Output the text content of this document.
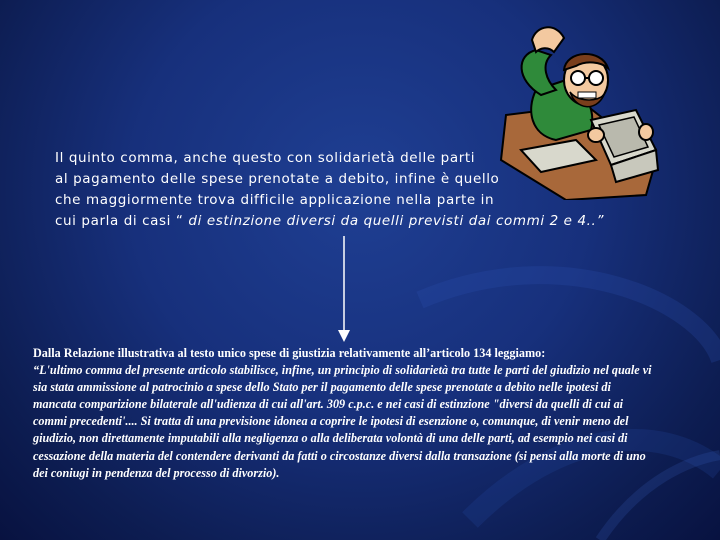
Il quinto comma, anche questo con solidarietà delle parti
al pagamento delle spese prenotate a debito, infine è quello
che maggiormente trova difficile applicazione nella parte in
cui parla di casi “ di estinzione diversi da quelli previsti dai commi 2 e 4..”
Dalla Relazione illustrativa al testo unico spese di giustizia relativamente all’articolo 134 leggiamo:
“L'ultimo comma del presente articolo stabilisce, infine, un principio di solidarietà tra tutte le parti del giudizio nel quale vi sia stata ammissione al patrocinio a spese dello Stato per il pagamento delle spese prenotate a debito nelle ipotesi di mancata comparizione bilaterale all'udienza di cui all'art. 309 c.p.c. e nei casi di estinzione "diversi da quelli di cui ai commi precedenti'.... Si tratta di una previsione idonea a coprire le ipotesi di esenzione o, comunque, di venir meno del giudizio, non direttamente imputabili alla negligenza o alla deliberata volontà di una delle parti, ad esempio nei casi di cessazione della materia del contendere derivanti da fatti o circostanze diversi dalla transazione (si pensi alla morte di uno dei coniugi in pendenza del processo di divorzio).
